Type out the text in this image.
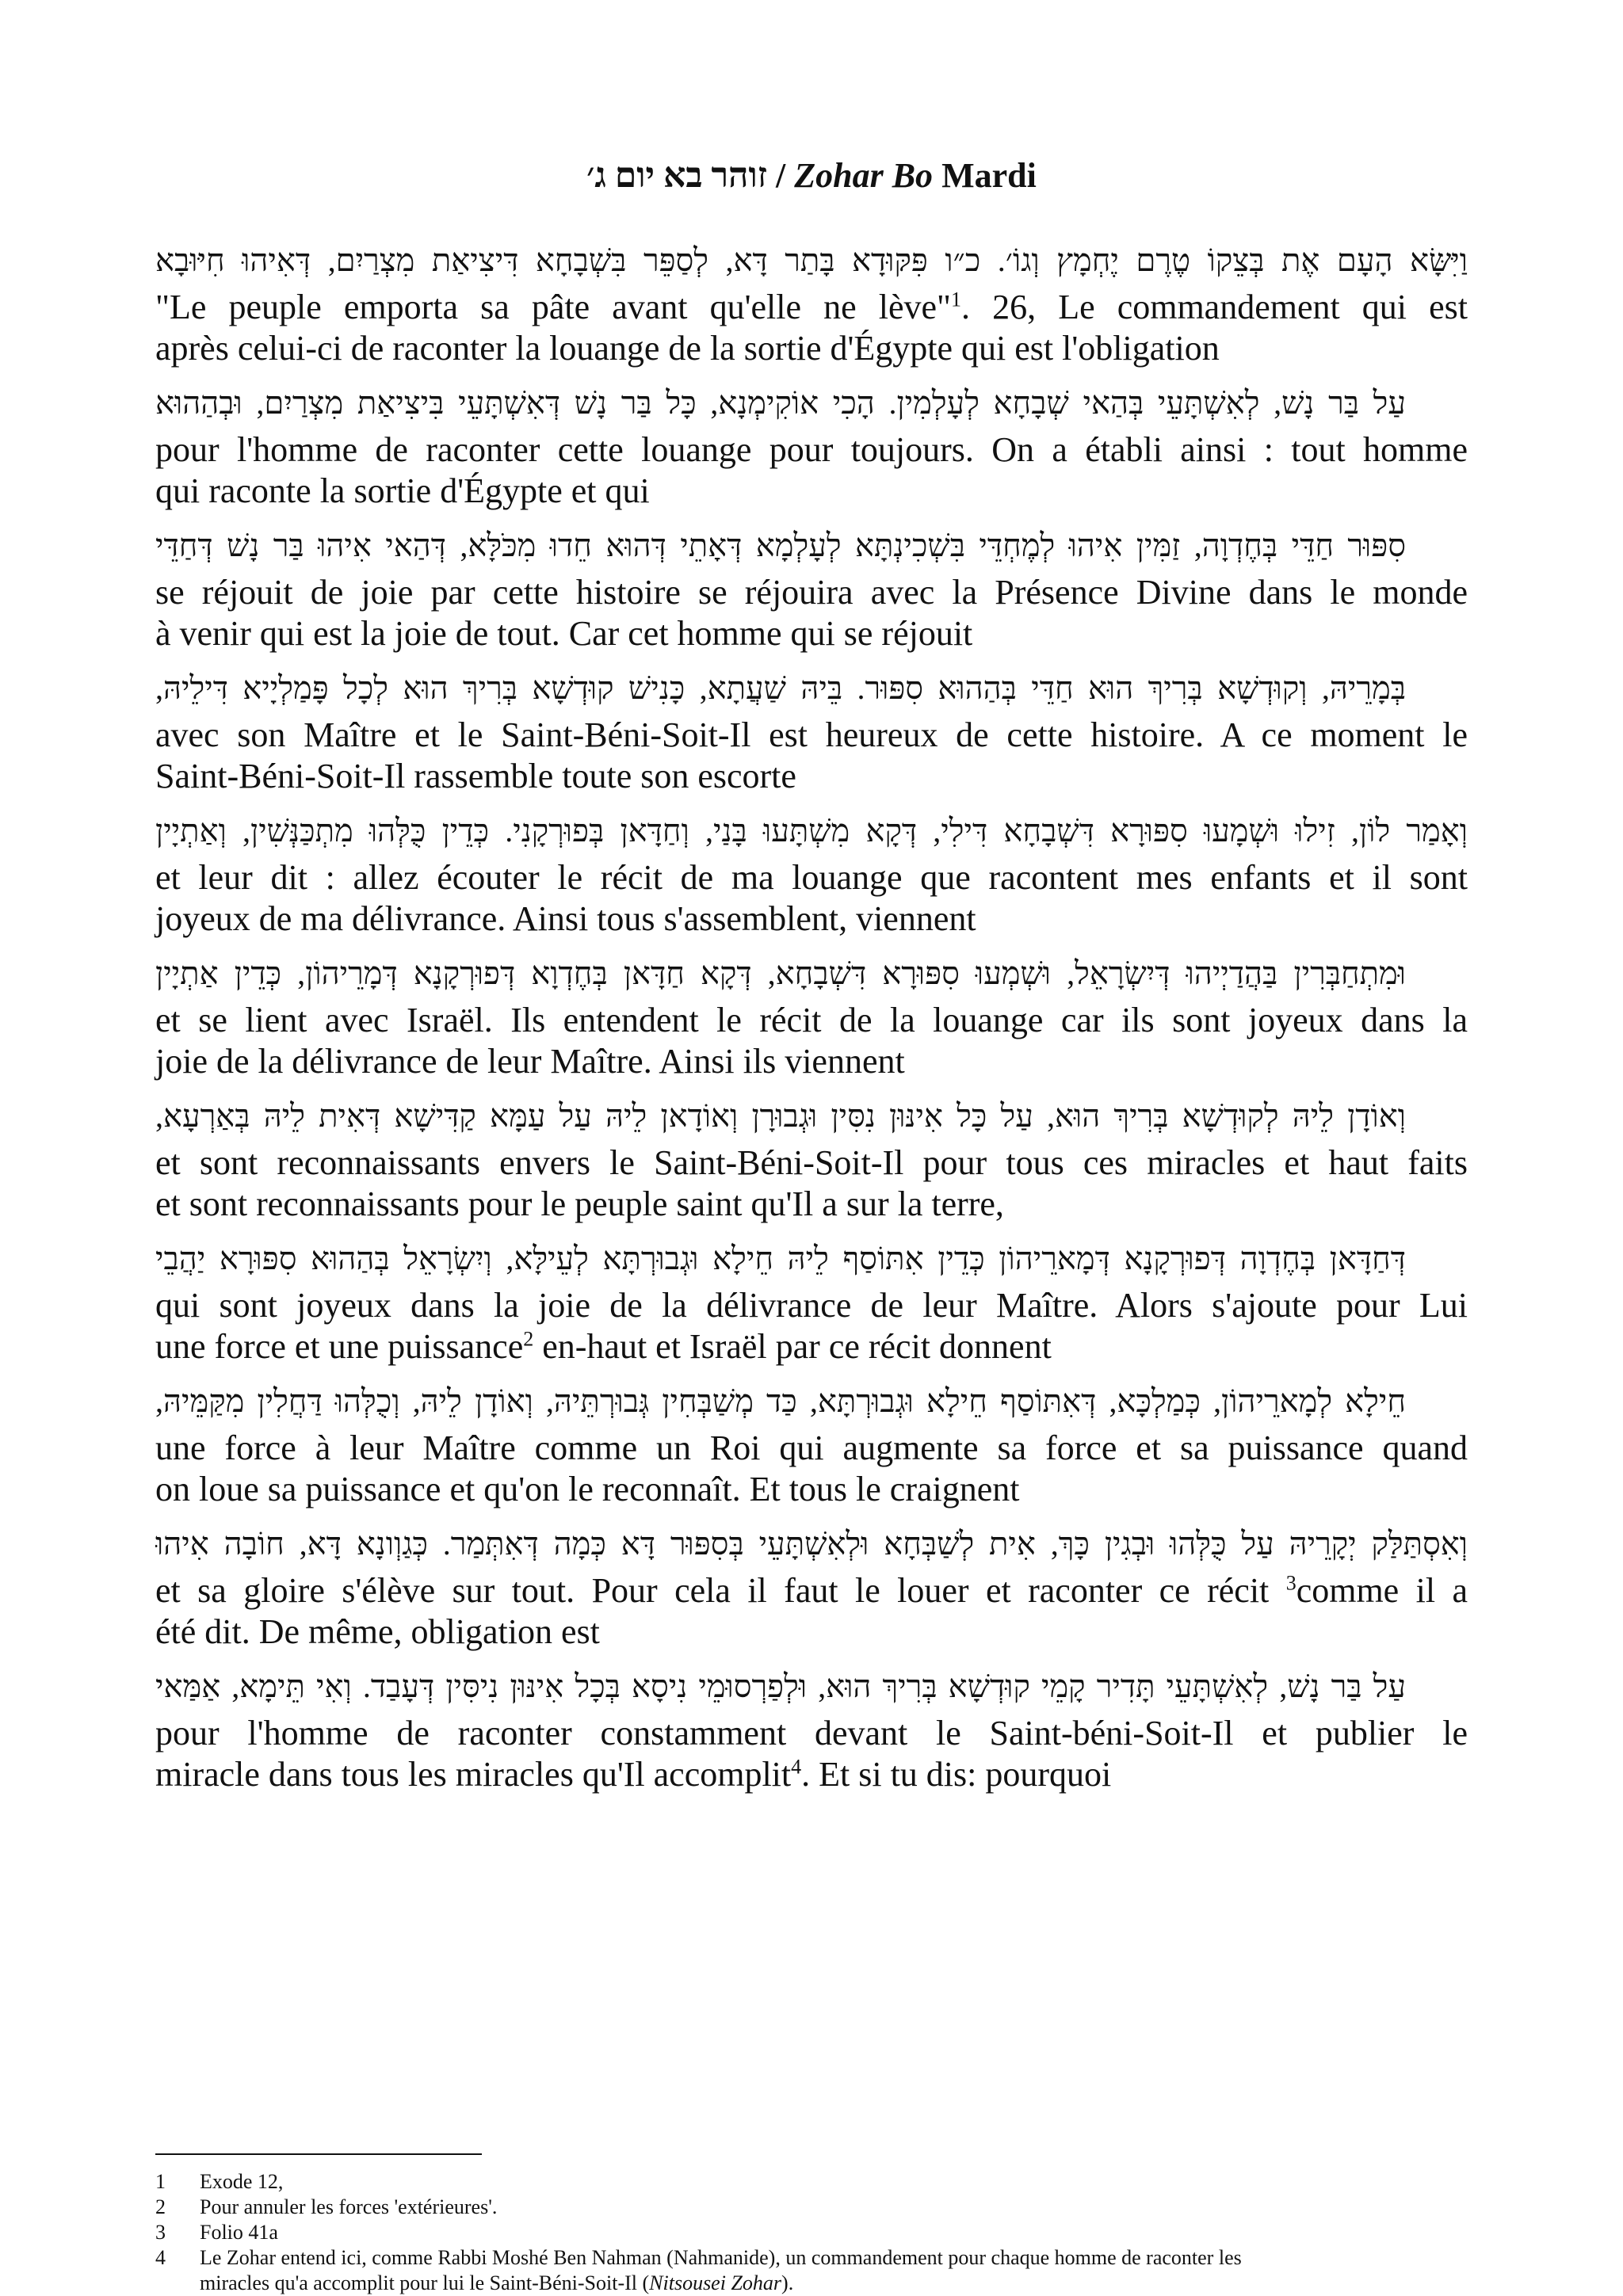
זוהר בא יום ג׳ / Zohar Bo Mardi
וַיִּשָּׂא הָעָם אֶת בְּצֵקוֹ טֶרֶם יֶחְמָץ וְגוֹ׳. כ״ו פִּקּוּדָא בָּתַר דָּא, לְסַפֵּר בִּשְׁבָחָא דִּיצִיאַת מִצְרַיִם, דְּאִיהוּ חִיּוּבָא
"Le peuple emporta sa pâte avant qu'elle ne lève"$^1$. 26, Le commandement qui est
après celui-ci de raconter la louange de la sortie d'Égypte qui est l'obligation
עַל בַּר נָשׁ, לְאִשְׁתָּעֵי בְּהַאי שְׁבָחָא לְעָלְמִין. הָכִי אוֹקִימְנָא, כָּל בַּר נָשׁ דְּאִשְׁתָּעֵי בִּיצִיאַת מִצְרַיִם, וּבְהַהוּא
pour l'homme de raconter cette louange pour toujours. On a établi ainsi : tout homme
qui raconte la sortie d'Égypte et qui
סִפּוּר חַדֵּי בְּחֶדְוָה, זַמִּין אִיהוּ לְמֶחְדֵּי בִּשְׁכִינְתָּא לְעָלְמָא דְּאָתֵי דְּהוּא חֵדוּ מִכֹּלָּא, דְּהַאי אִיהוּ בַּר נָשׁ דְּחַדֵּי
se réjouit de joie par cette histoire se réjouira avec la Présence Divine dans le monde
à venir qui est la joie de tout. Car cet homme qui se réjouit
בְּמָרֵיהּ, וְקוּדְשָׁא בְּרִיךְ הוּא חַדֵּי בְּהַהוּא סִפּוּר. בֵּיהּ שַׁעֲתָא, כָּנִישׁ קוּדְשָׁא בְּרִיךְ הוּא לְכָל פָּמַלְיָיא דִּילֵיהּ,
avec son Maître et le Saint-Béni-Soit-Il est heureux de cette histoire. A ce moment le
Saint-Béni-Soit-Il rassemble toute son escorte
וְאָמַר לוֹן, זִילוּ וּשְׁמָעוּ סִפּוּרָא דִּשְׁבָחָא דִּילִי, דְּקָא מִשְׁתָּעוּ בָּנַי, וְחַדָּאן בְּפוּרְקָנִי. כְּדֵין כֻּלְּהוּ מִתְכַּנְּשִׁין, וְאַתְיָין
et leur dit : allez écouter le récit de ma louange que racontent mes enfants et il sont
joyeux de ma délivrance. Ainsi tous s'assemblent, viennent
וּמִתְחַבְּרִין בַּהֲדַיְיהוּ דְּיִשְׂרָאֵל, וּשְׁמְעוּ סִפּוּרָא דִּשְׁבָחָא, דְּקָא חַדָּאן בְּחֶדְוָא דְּפוּרְקָנָא דְּמָרֵיהוֹן, כְּדֵין אַתְיָין
et se lient avec Israël. Ils entendent le récit de la louange car ils sont joyeux dans la
joie de la délivrance de leur Maître. Ainsi ils viennent
וְאוֹדָן לֵיהּ לְקוּדְשָׁא בְּרִיךְ הוּא, עַל כָּל אִינּוּן נִסִּין וּגְבוּרָן וְאוֹדָאן לֵיהּ עַל עַמָּא קַדִּישָׁא דְּאִית לֵיהּ בְּאַרְעָא,
et sont reconnaissants envers le Saint-Béni-Soit-Il pour tous ces miracles et haut faits
et sont reconnaissants pour le peuple saint qu'Il a sur la terre,
דְּחַדָּאן בְּחֶדְוָה דְּפוּרְקָנָא דְּמָארֵיהוֹן כְּדֵין אִתּוֹסַף לֵיהּ חֵילָא וּגְבוּרְתָּא לְעֵילָּא, וְיִשְׂרָאֵל בְּהַהוּא סִפּוּרָא יַהֲבֵי
qui sont joyeux dans la joie de la délivrance de leur Maître. Alors s'ajoute pour Lui
une force et une puissance$^2$ en-haut et Israël par ce récit donnent
חֵילָא לְמָארֵיהוֹן, כְּמַלְכָּא, דְּאִתּוֹסַף חֵילָא וּגְבוּרְתָּא, כַּד מְשַׁבְּחִין גְּבוּרְתֵּיהּ, וְאוֹדָן לֵיהּ, וְכֻלְּהוּ דַּחֲלִין מִקַּמֵּיהּ,
une force à leur Maître comme un Roi qui augmente sa force et sa puissance quand
on loue sa puissance et qu'on le reconnaît. Et tous le craignent
וְאִסְתַּלַּק יְקָרֵיהּ עַל כֻּלְּהוּ וּבְגִין כָּךְ, אִית לְשַׁבְּחָא וּלְאִשְׁתָּעֵי בְּסִפּוּר דָּא כְּמָה דְּאִתְּמַר. כְּגַוְונָא דָּא, חוֹבָה אִיהוּ
et sa gloire s'élève sur tout. Pour cela il faut le louer et raconter ce récit $^3$comme il a
été dit. De même, obligation est
עַל בַּר נָשׁ, לְאִשְׁתָּעֵי תָּדִיר קָמֵי קוּדְשָׁא בְּרִיךְ הוּא, וּלְפַרְסוּמֵי נִיסָא בְּכָל אִינּוּן נִיסִּין דְּעָבַד. וְאִי תֵּימָא, אַמַּאי
pour l'homme de raconter constamment devant le Saint-béni-Soit-Il et publier le
miracle dans tous les miracles qu'Il accomplit$^4$. Et si tu dis: pourquoi
1	Exode 12,
2	Pour annuler les forces 'extérieures'.
3	Folio 41a
4	Le Zohar entend ici, comme Rabbi Moshé Ben Nahman (Nahmanide), un commandement pour chaque homme de raconter les
miracles qu'a accomplit pour lui le Saint-Béni-Soit-Il (Nitsousei Zohar).
